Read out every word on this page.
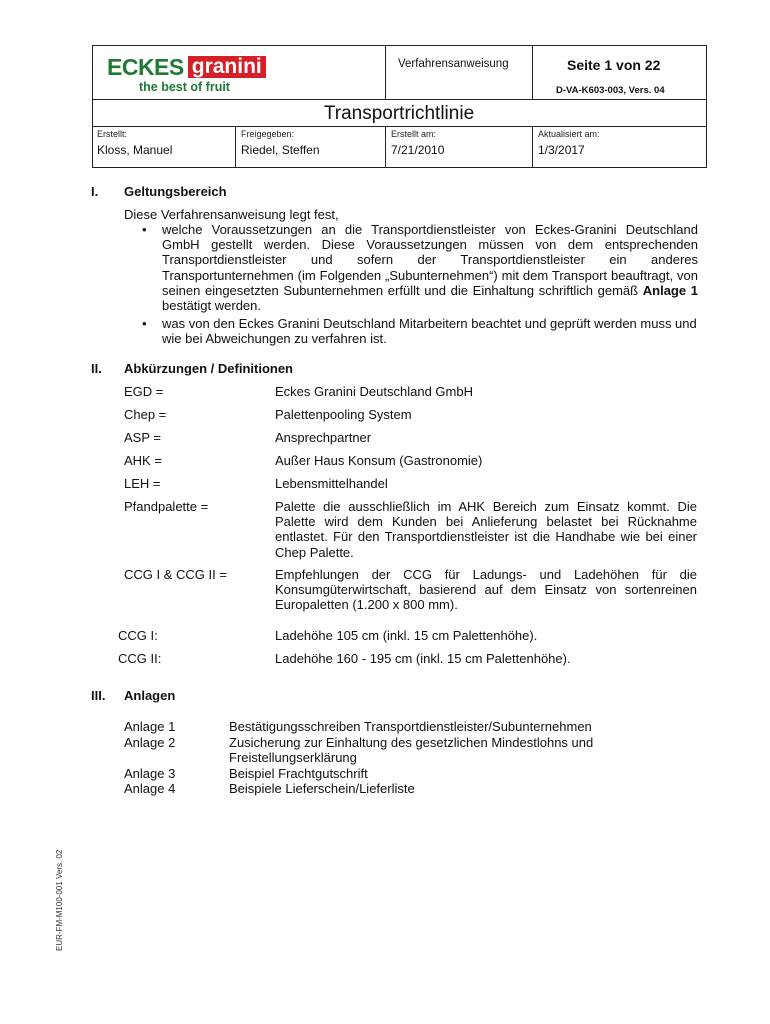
ECKES granini
the best of fruit
Verfahrensanweisung	Seite 1 von 22
D-VA-K603-003, Vers. 04
Transportrichtlinie
Erstellt:
Kloss, Manuel
Freigegeben:
Riedel, Steffen
Erstellt am:
7/21/2010
Aktualisiert am:
1/3/2017
I. Geltungsbereich
Diese Verfahrensanweisung legt fest,
• welche Voraussetzungen an die Transportdienstleister von Eckes-Granini Deutschland GmbH gestellt werden. Diese Voraussetzungen müssen von dem entsprechenden Transportdienstleister und sofern der Transportdienstleister ein anderes Transportunternehmen (im Folgenden „Subunternehmen“) mit dem Transport beauftragt, von seinen eingesetzten Subunternehmen erfüllt und die Einhaltung schriftlich gemäß Anlage 1 bestätigt werden.
• was von den Eckes Granini Deutschland Mitarbeitern beachtet und geprüft werden muss und wie bei Abweichungen zu verfahren ist.
II. Abkürzungen / Definitionen
EGD =	Eckes Granini Deutschland GmbH
Chep =	Palettenpooling System
ASP =	Ansprechpartner
AHK =	Außer Haus Konsum (Gastronomie)
LEH =	Lebensmittelhandel
Pfandpalette =	Palette die ausschließlich im AHK Bereich zum Einsatz kommt. Die Palette wird dem Kunden bei Anlieferung belastet bei Rücknahme entlastet. Für den Transportdienstleister ist die Handhabe wie bei einer Chep Palette.
CCG I & CCG II =	Empfehlungen der CCG für Ladungs- und Ladehöhen für die Konsumgüterwirtschaft, basierend auf dem Einsatz von sortenreinen Europaletten (1.200 x 800 mm).
CCG I:	Ladehöhe 105 cm (inkl. 15 cm Palettenhöhe).
CCG II:	Ladehöhe 160 - 195 cm (inkl. 15 cm Palettenhöhe).
III. Anlagen
Anlage 1	Bestätigungsschreiben Transportdienstleister/Subunternehmen
Anlage 2	Zusicherung zur Einhaltung des gesetzlichen Mindestlohns und Freistellungserklärung
Anlage 3	Beispiel Frachtgutschrift
Anlage 4	Beispiele Lieferschein/Lieferliste
EUR-FM-M100-001 Vers. 02
